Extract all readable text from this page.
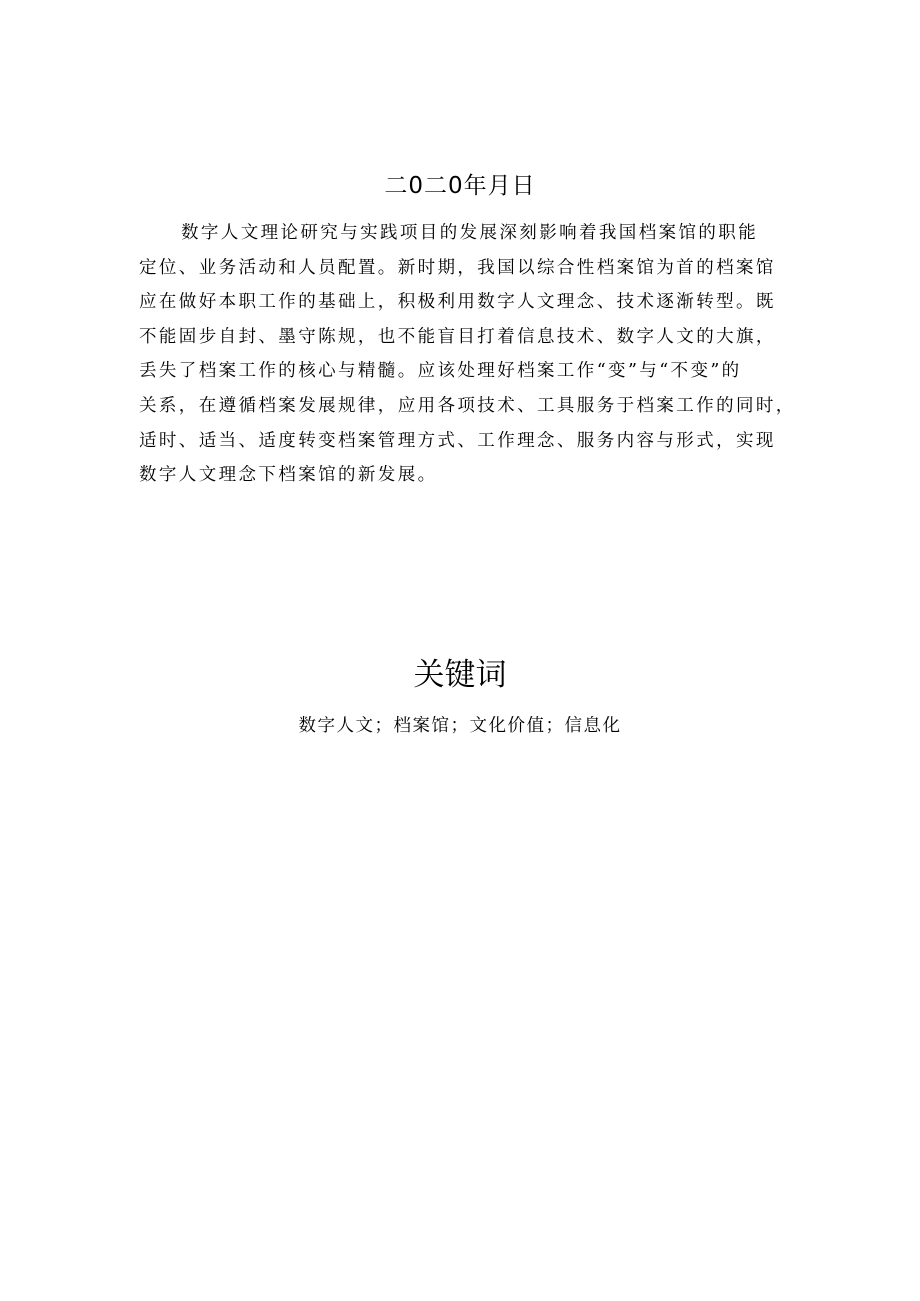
二0二0年月日
数字人文理论研究与实践项目的发展深刻影响着我国档案馆的职能
定位、业务活动和人员配置。新时期，我国以综合性档案馆为首的档案馆
应在做好本职工作的基础上，积极利用数字人文理念、技术逐渐转型。既
不能固步自封、墨守陈规，也不能盲目打着信息技术、数字人文的大旗，
丢失了档案工作的核心与精髓。应该处理好档案工作“变”与“不变”的
关系，在遵循档案发展规律，应用各项技术、工具服务于档案工作的同时，
适时、适当、适度转变档案管理方式、工作理念、服务内容与形式，实现
数字人文理念下档案馆的新发展。
关键词
数字人文；档案馆；文化价值；信息化
